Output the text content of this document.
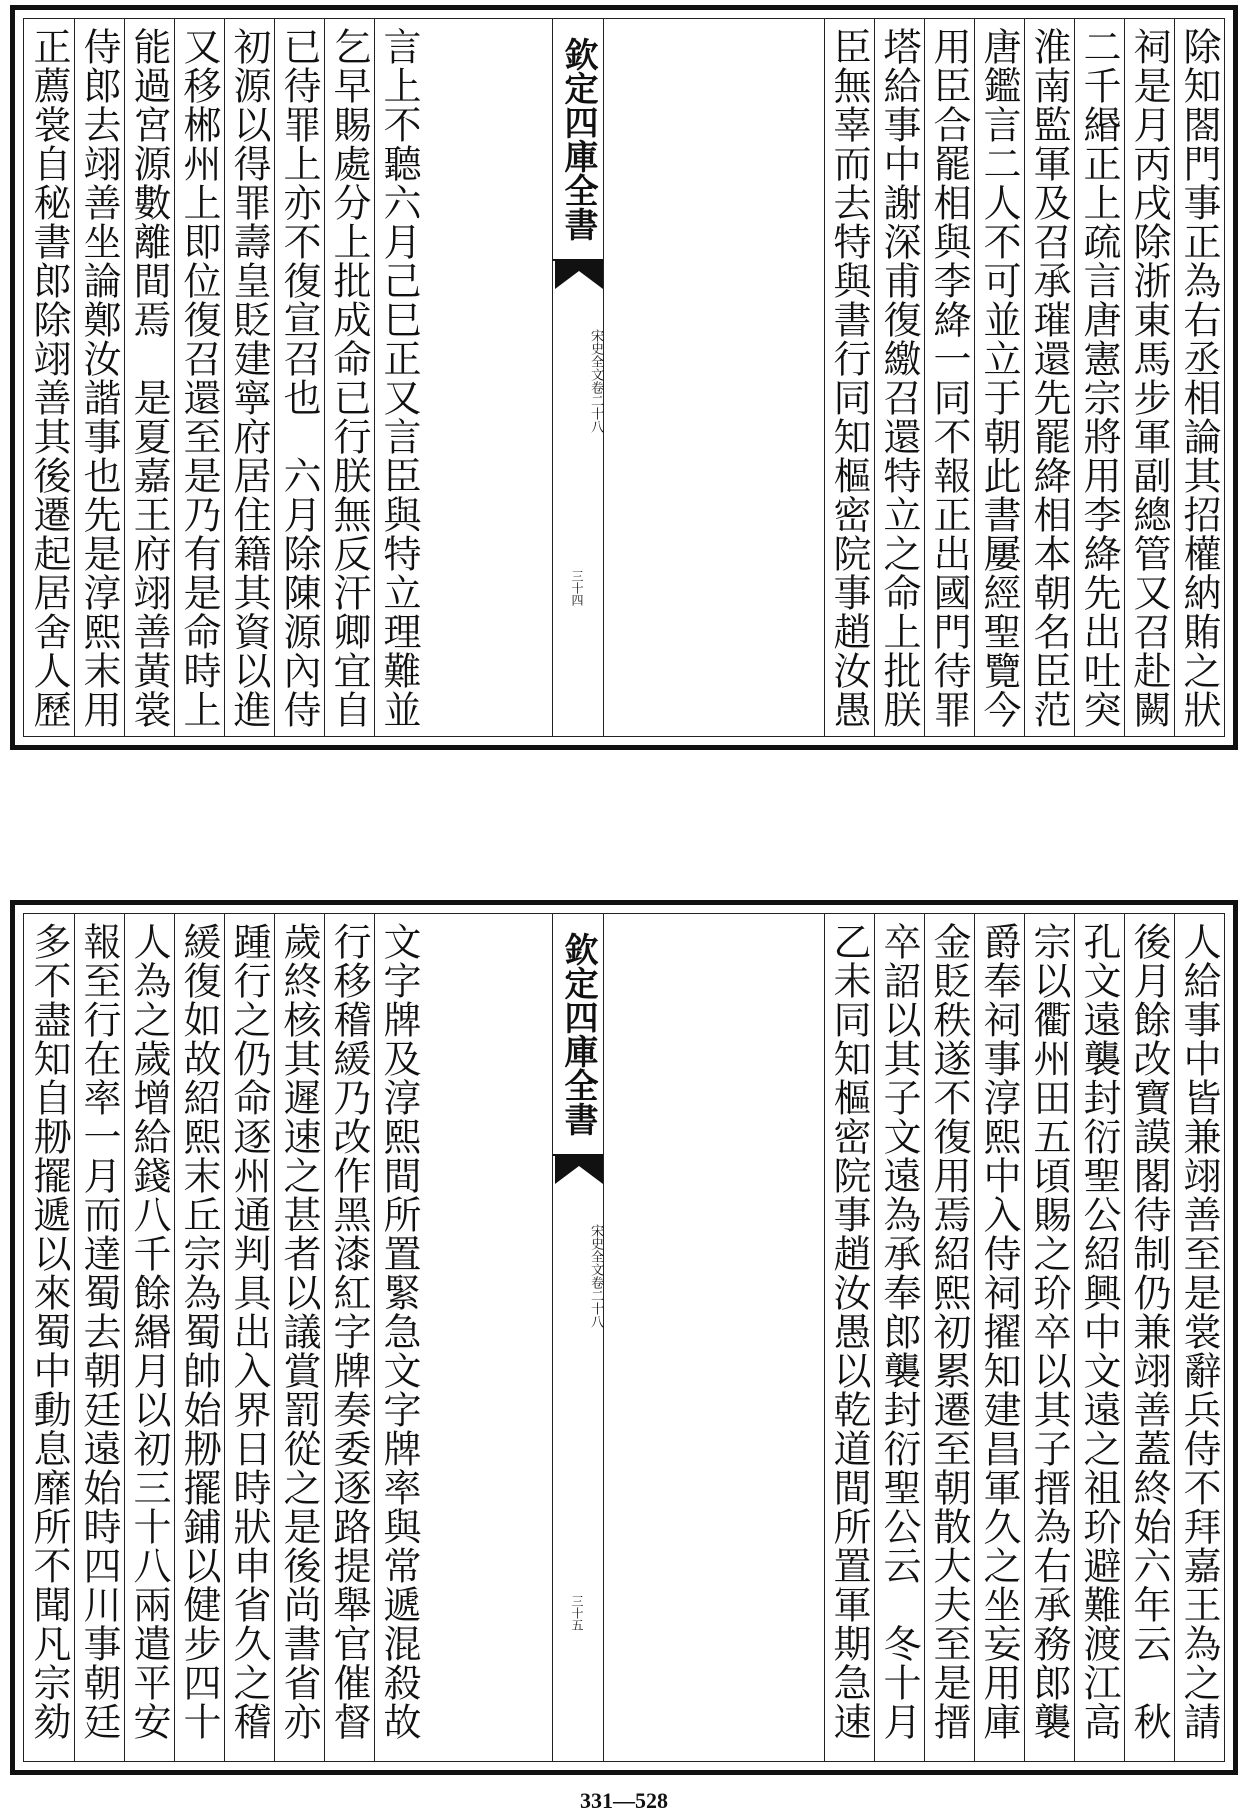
除知閤門事正為右丞相論其招權納賄之狀
祠是月丙戌除浙東馬步軍副總管又召赴闕
二千緡正上疏言唐憲宗將用李絳先出吐突
淮南監軍及召承璀還先罷絳相本朝名臣范
唐鑑言二人不可並立于朝此書屢經聖覽今
用臣合罷相與李絳一同不報正出國門待罪
塔給事中謝深甫復繳召還特立之命上批朕
臣無辜而去特與書行同知樞密院事趙汝愚
欽定四庫全書
宋史全文
卷二十八
三十四
言上不聽六月己巳正又言臣與特立理難並
乞早賜處分上批成命已行朕無反汗卿宜自
已待罪上亦不復宣召也　六月除陳源內侍
初源以得罪壽皇貶建寧府居住籍其資以進
又移郴州上即位復召還至是乃有是命時上
能過宮源數離間焉　是夏嘉王府翊善黃裳
侍郎去翊善坐論鄭汝諧事也先是淳熙末用
正薦裳自秘書郎除翊善其後遷起居舍人歷
人給事中皆兼翊善至是裳辭兵侍不拜嘉王為之請
後月餘改寶謨閣待制仍兼翊善蓋終始六年云　秋
孔文遠襲封衍聖公紹興中文遠之祖玠避難渡江高
宗以衢州田五頃賜之玠卒以其子搢為右承務郎襲
爵奉祠事淳熙中入侍祠擢知建昌軍久之坐妄用庫
金貶秩遂不復用焉紹熙初累遷至朝散大夫至是搢
卒詔以其子文遠為承奉郎襲封衍聖公云　冬十月
乙未同知樞密院事趙汝愚以乾道間所置軍期急速
欽定四庫全書
宋史全文
卷二十八
三十五
文字牌及淳熙間所置緊急文字牌率與常遞混殺故
行移稽緩乃改作黑漆紅字牌奏委逐路提舉官催督
歲終核其遲速之甚者以議賞罰從之是後尚書省亦
踵行之仍命逐州通判具出入界日時狀申省久之稽
緩復如故紹熙末丘宗為蜀帥始刱擺鋪以健步四十
人為之歲增給錢八千餘緡月以初三十八兩遣平安
報至行在率一月而達蜀去朝廷遠始時四川事朝廷
多不盡知自刱擺遞以來蜀中動息靡所不聞凡宗劾
331—528
